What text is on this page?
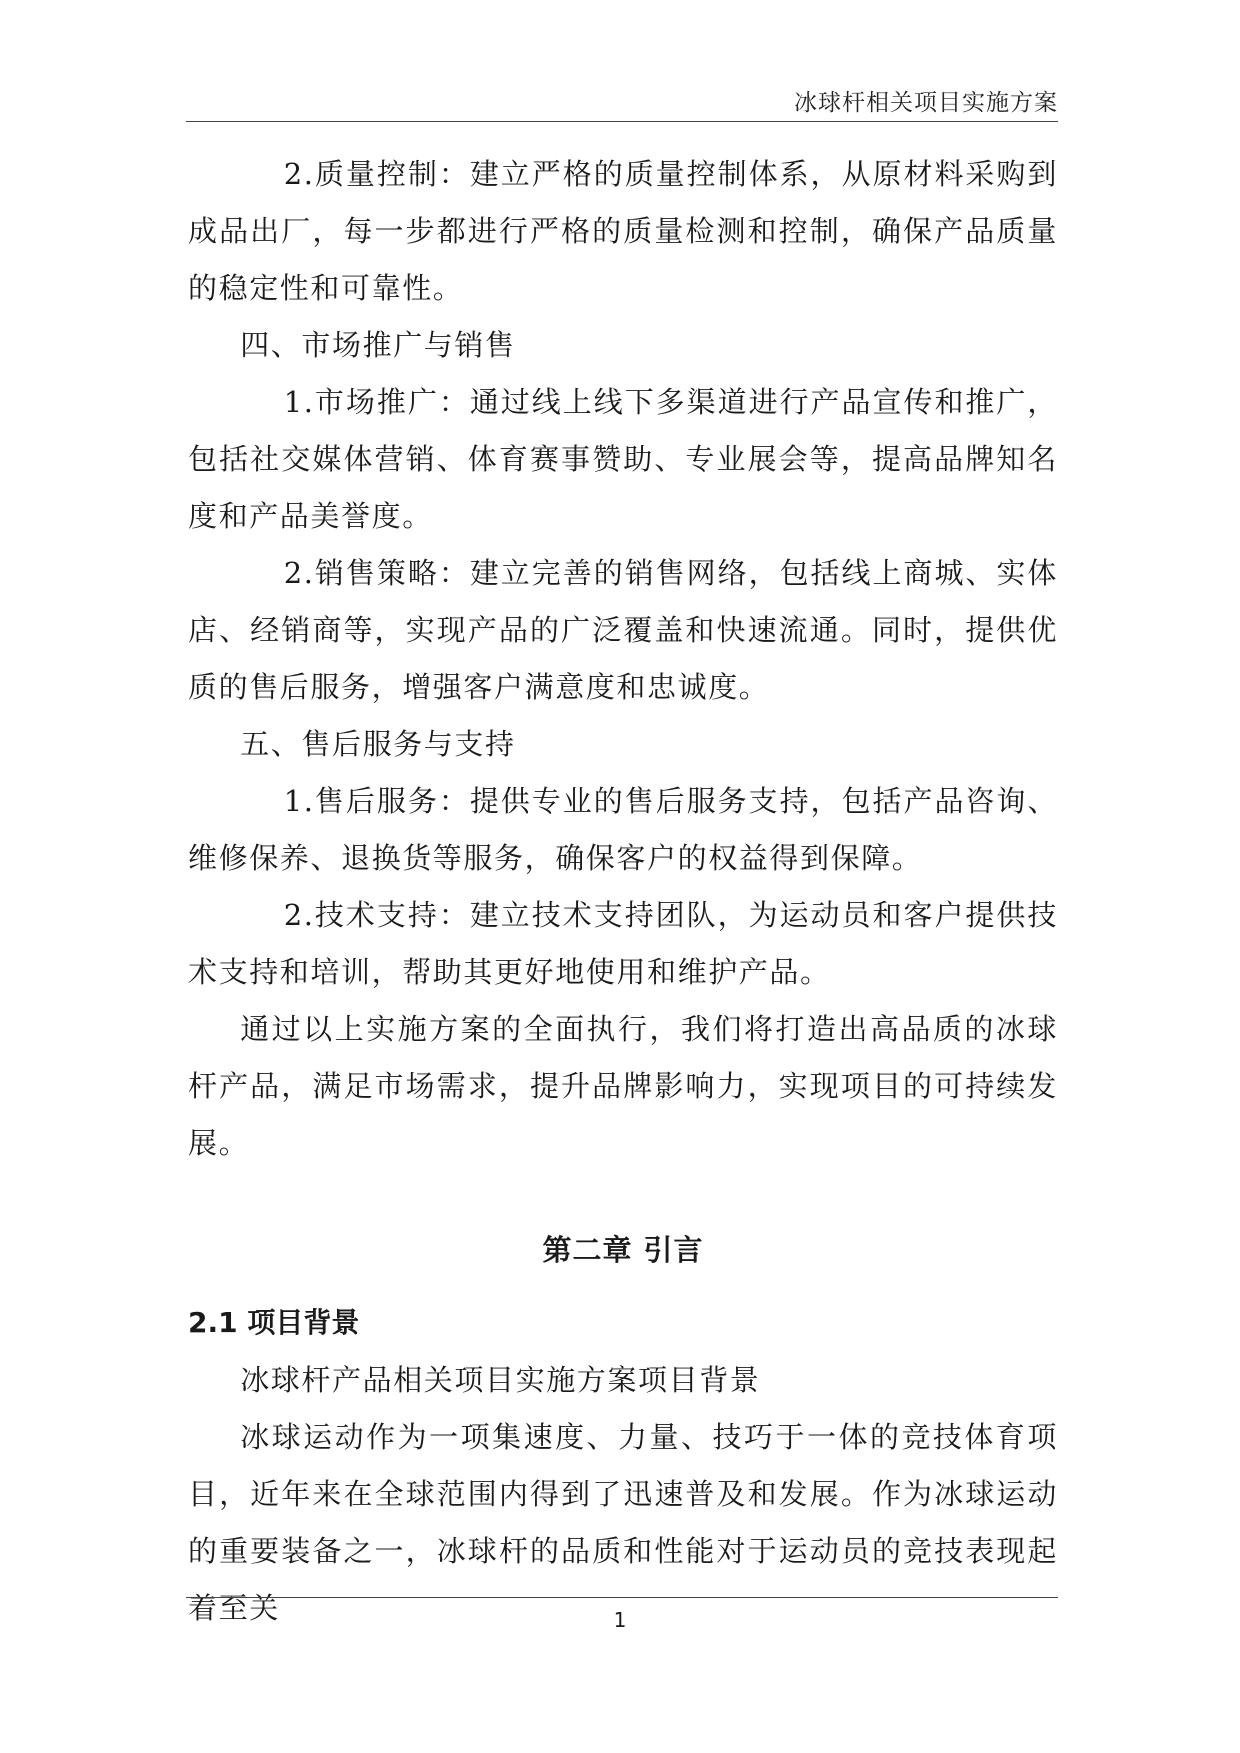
冰球杆相关项目实施方案

2.质量控制：建立严格的质量控制体系，从原材料采购到成品出厂，每一步都进行严格的质量检测和控制，确保产品质量的稳定性和可靠性。

四、市场推广与销售

1.市场推广：通过线上线下多渠道进行产品宣传和推广，包括社交媒体营销、体育赛事赞助、专业展会等，提高品牌知名度和产品美誉度。

2.销售策略：建立完善的销售网络，包括线上商城、实体店、经销商等，实现产品的广泛覆盖和快速流通。同时，提供优质的售后服务，增强客户满意度和忠诚度。

五、售后服务与支持

1.售后服务：提供专业的售后服务支持，包括产品咨询、维修保养、退换货等服务，确保客户的权益得到保障。

2.技术支持：建立技术支持团队，为运动员和客户提供技术支持和培训，帮助其更好地使用和维护产品。

通过以上实施方案的全面执行，我们将打造出高品质的冰球杆产品，满足市场需求，提升品牌影响力，实现项目的可持续发展。

第二章 引言
2.1 项目背景

冰球杆产品相关项目实施方案项目背景

冰球运动作为一项集速度、力量、技巧于一体的竞技体育项目，近年来在全球范围内得到了迅速普及和发展。作为冰球运动的重要装备之一，冰球杆的品质和性能对于运动员的竞技表现起着至关	1
